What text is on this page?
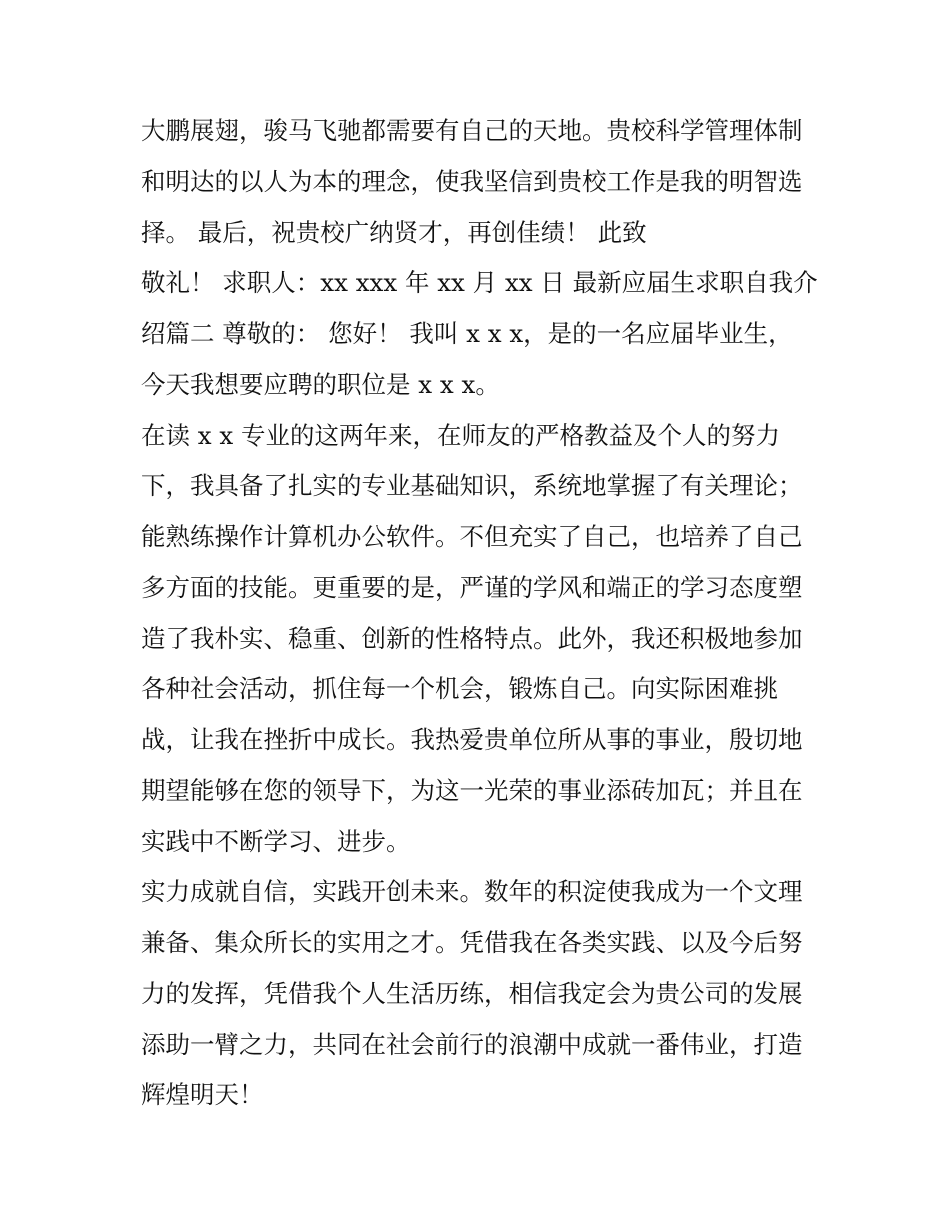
大鹏展翅，骏马飞驰都需要有自己的天地。贵校科学管理体制
和明达的以人为本的理念，使我坚信到贵校工作是我的明智选
择。 最后，祝贵校广纳贤才，再创佳绩！ 此致
敬礼！ 求职人：xx xxx 年 xx 月 xx 日 最新应届生求职自我介
绍篇二 尊敬的： 您好！ 我叫 x x x，是的一名应届毕业生，
今天我想要应聘的职位是 x x x。
在读 x x 专业的这两年来，在师友的严格教益及个人的努力
下，我具备了扎实的专业基础知识，系统地掌握了有关理论；
能熟练操作计算机办公软件。不但充实了自己，也培养了自己
多方面的技能。更重要的是，严谨的学风和端正的学习态度塑
造了我朴实、稳重、创新的性格特点。此外，我还积极地参加
各种社会活动，抓住每一个机会，锻炼自己。向实际困难挑
战，让我在挫折中成长。我热爱贵单位所从事的事业，殷切地
期望能够在您的领导下，为这一光荣的事业添砖加瓦；并且在
实践中不断学习、进步。
实力成就自信，实践开创未来。数年的积淀使我成为一个文理
兼备、集众所长的实用之才。凭借我在各类实践、以及今后努
力的发挥，凭借我个人生活历练，相信我定会为贵公司的发展
添助一臂之力，共同在社会前行的浪潮中成就一番伟业，打造
辉煌明天！
